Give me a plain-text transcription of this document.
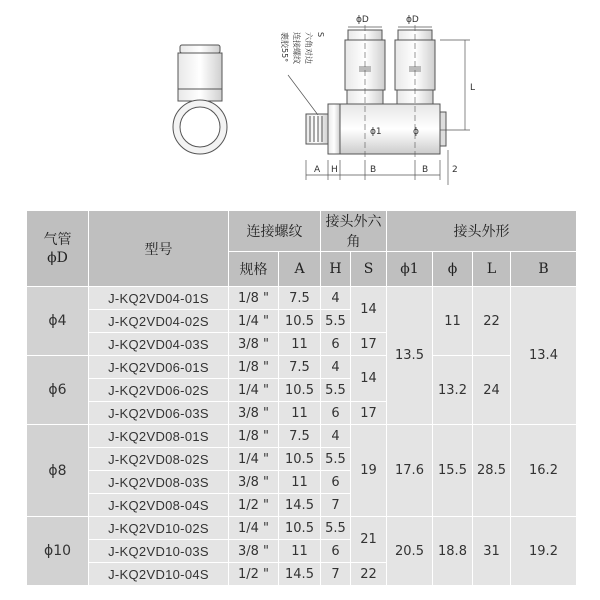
ϕD	ϕD
L
ϕ1	ϕ
A H	B	B	2
S
六角对边
连接螺纹
裹胶55°
气管
ϕD	型号	连接螺纹		接头外六角		接头外形			
		规格	A	H	S	ϕ1	ϕ	L	B
ϕ4	J-KQ2VD04-01S	1/8 "	7.5	4	14	13.5	11	22	13.4
	J-KQ2VD04-02S	1/4 "	10.5	5.5					
	J-KQ2VD04-03S	3/8 "	11	6	17				
ϕ6	J-KQ2VD06-01S	1/8 "	7.5	4	14		13.2	24	
	J-KQ2VD06-02S	1/4 "	10.5	5.5					
	J-KQ2VD06-03S	3/8 "	11	6	17				
ϕ8	J-KQ2VD08-01S	1/8 "	7.5	4	19	17.6	15.5	28.5	16.2
	J-KQ2VD08-02S	1/4 "	10.5	5.5					
	J-KQ2VD08-03S	3/8 "	11	6					
	J-KQ2VD08-04S	1/2 "	14.5	7					
ϕ10	J-KQ2VD10-02S	1/4 "	10.5	5.5	21	20.5	18.8	31	19.2
	J-KQ2VD10-03S	3/8 "	11	6					
	J-KQ2VD10-04S	1/2 "	14.5	7	22				
